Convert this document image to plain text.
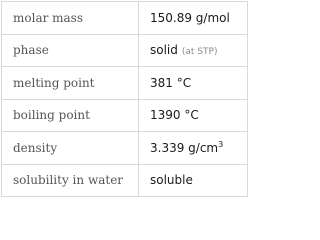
molar mass	150.89 g/mol
phase	solid (at STP)
melting point	381 °C
boiling point	1390 °C
density	3.339 $g/cm^3$
solubility in water	soluble
